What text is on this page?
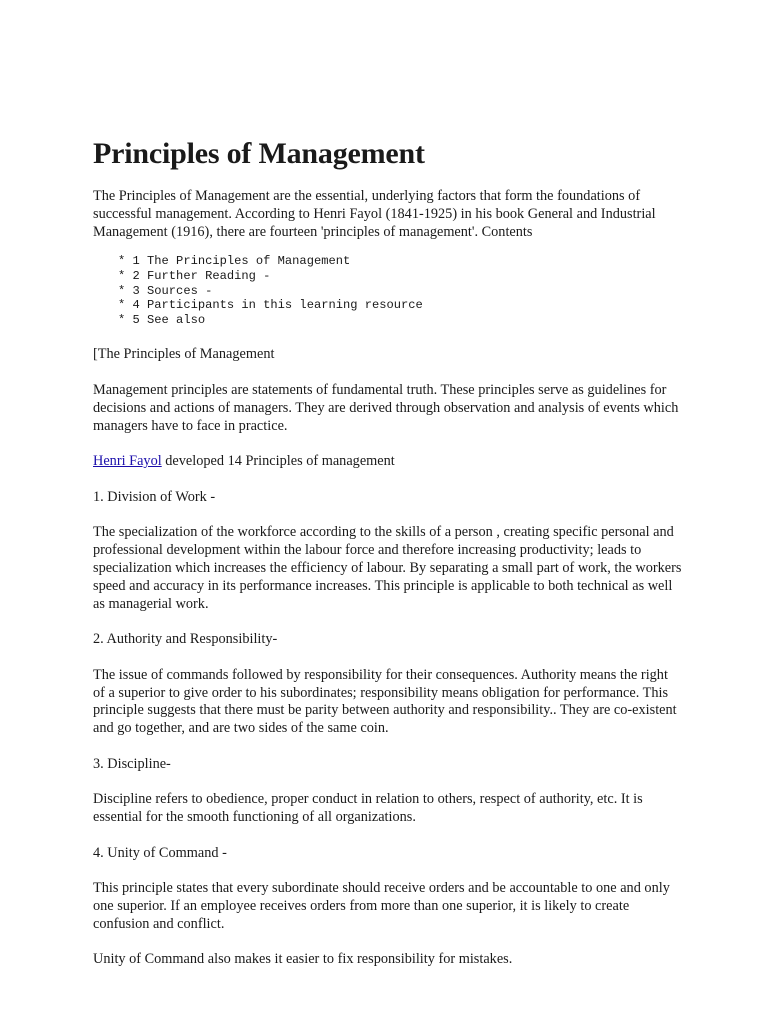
Principles of Management

The Principles of Management are the essential, underlying factors that form the foundations of successful management. According to Henri Fayol (1841-1925) in his book General and Industrial Management (1916), there are fourteen 'principles of management'. Contents

* 1 The Principles of Management
* 2 Further Reading -
* 3 Sources -
* 4 Participants in this learning resource
* 5 See also

[The Principles of Management

Management principles are statements of fundamental truth. These principles serve as guidelines for decisions and actions of managers. They are derived through observation and analysis of events which managers have to face in practice.

Henri Fayol developed 14 Principles of management

1. Division of Work -

The specialization of the workforce according to the skills of a person , creating specific personal and professional development within the labour force and therefore increasing productivity; leads to specialization which increases the efficiency of labour. By separating a small part of work, the workers speed and accuracy in its performance increases. This principle is applicable to both technical as well as managerial work.

2. Authority and Responsibility-

The issue of commands followed by responsibility for their consequences. Authority means the right of a superior to give order to his subordinates; responsibility means obligation for performance. This principle suggests that there must be parity between authority and responsibility.. They are co-existent and go together, and are two sides of the same coin.

3. Discipline-

Discipline refers to obedience, proper conduct in relation to others, respect of authority, etc. It is essential for the smooth functioning of all organizations.

4. Unity of Command -

This principle states that every subordinate should receive orders and be accountable to one and only one superior. If an employee receives orders from more than one superior, it is likely to create confusion and conflict.

Unity of Command also makes it easier to fix responsibility for mistakes.
